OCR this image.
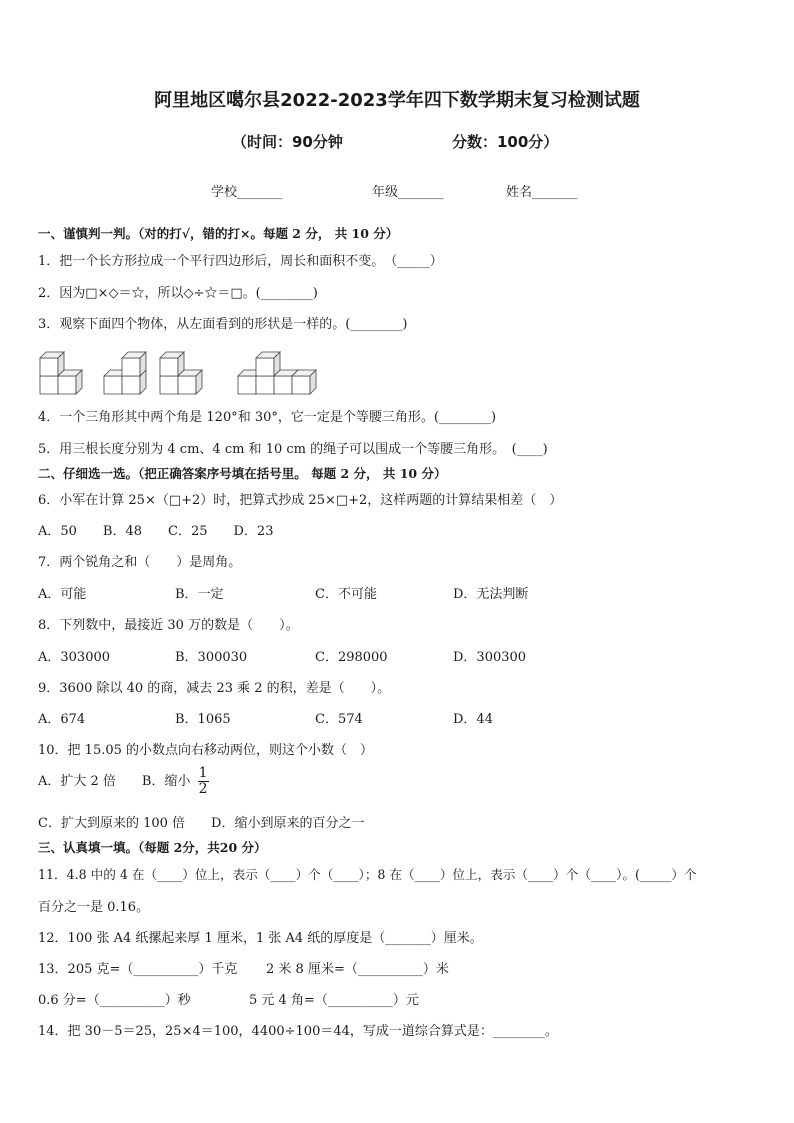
阿里地区噶尔县2022-2023学年四下数学期末复习检测试题
（时间：90分钟	分数：100分）
学校_______	年级_______	姓名_______
一、谨慎判一判。（对的打√，错的打×。每题 2 分， 共 10 分）
1．把一个长方形拉成一个平行四边形后，周长和面积不变。　（_____）
2．因为□×◇＝☆，所以◇÷☆＝□。(________)
3．观察下面四个物体，从左面看到的形状是一样的。(________)
4．一个三角形其中两个角是 120°和 30°，它一定是个等腰三角形。(________)
5．用三根长度分别为 4 cm、4 cm 和 10 cm 的绳子可以围成一个等腰三角形。　(____)
二、仔细选一选。（把正确答案序号填在括号里。 每题 2 分， 共 10 分）
6．小军在计算 25×（□+2）时，把算式抄成 25×□+2，这样两题的计算结果相差（　）
A．50　　B．48　　C．25　　D．23
7．两个锐角之和（　　）是周角。
A．可能	B．一定	C．不可能	D．无法判断
8．下列数中，最接近 30 万的数是（　　）。
A．303000	B．300030	C．298000	D．300300
9．3600 除以 40 的商，减去 23 乘 2 的积，差是（　　）。
A．674	B．1065	C．574	D．44
10．把 15.05 的小数点向右移动两位，则这个小数（　）
A．扩大 2 倍　　B．缩小 $\frac{1}{2}$
C．扩大到原来的 100 倍　　D．缩小到原来的百分之一
三、认真填一填。（每题 2分，共20 分）
11．4.8 中的 4 在（____）位上，表示（____）个（____）；8 在（____）位上，表示（____）个（____）。(_____）个
百分之一是 0.16。
12．100 张 A4 纸摞起来厚 1 厘米，1 张 A4 纸的厚度是（_______）厘米。
13．205 克=（__________）千克 2 米 8 厘米=（__________）米
0.6 分=（__________）秒	5 元 4 角=（__________）元
14．把 30－5＝25，25×4＝100，4400÷100＝44，写成一道综合算式是：________。
